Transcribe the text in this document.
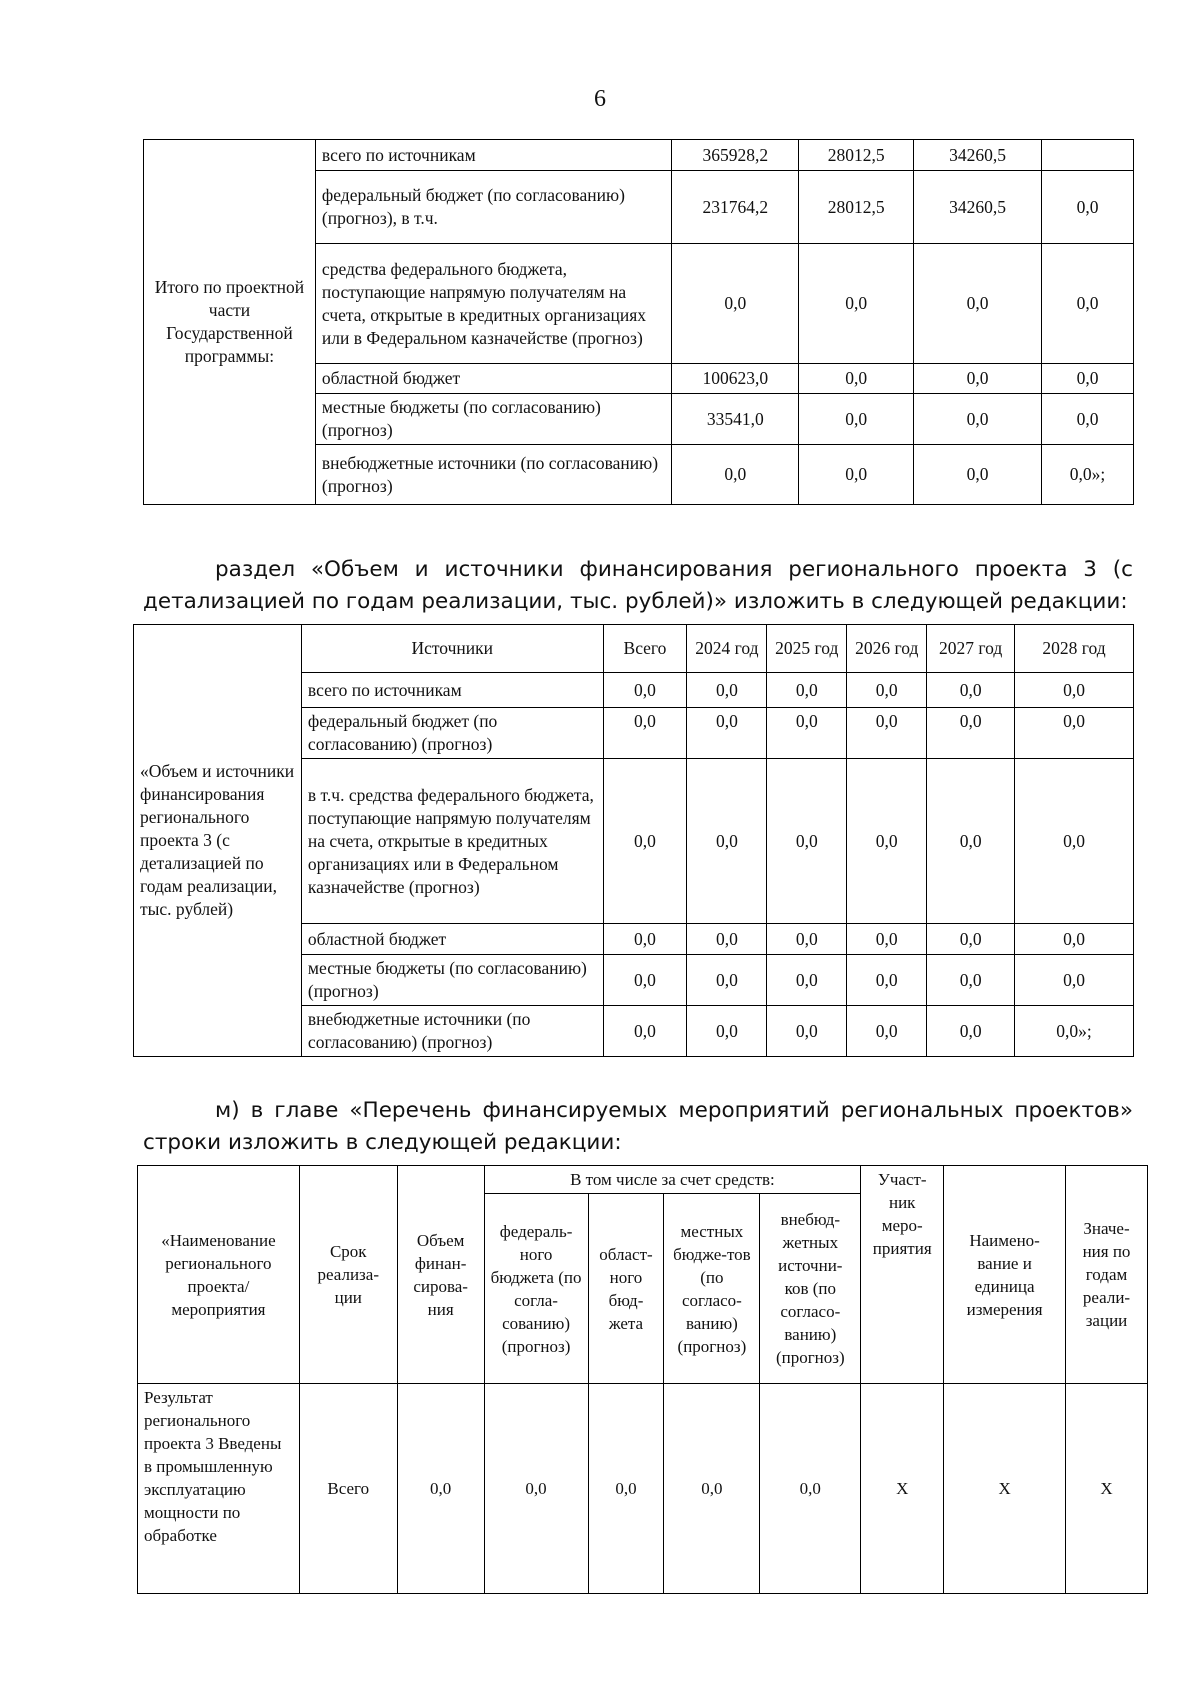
6
Итого по проектной части Государственной программы:	всего по источникам	365928,2	28012,5	34260,5	
	федеральный бюджет (по согласованию) (прогноз), в т.ч.	231764,2	28012,5	34260,5	0,0
	средства федерального бюджета, поступающие напрямую получателям на счета, открытые в кредитных организациях или в Федеральном казначействе (прогноз)	0,0	0,0	0,0	0,0
	областной бюджет	100623,0	0,0	0,0	0,0
	местные бюджеты (по согласованию) (прогноз)	33541,0	0,0	0,0	0,0
	внебюджетные источники (по согласованию) (прогноз)	0,0	0,0	0,0	0,0»;

раздел «Объем и источники финансирования регионального проекта 3 (с детализацией по годам реализации, тыс. рублей)» изложить в следующей редакции:

«Объем и источники финансирования регионального проекта 3 (с детализацией по годам реализации, тыс. рублей)	Источники	Всего	2024 год	2025 год	2026 год	2027 год	2028 год
	всего по источникам	0,0	0,0	0,0	0,0	0,0	0,0
	федеральный бюджет (по согласованию) (прогноз)	0,0	0,0	0,0	0,0	0,0	0,0
	в т.ч. средства федерального бюджета, поступающие напрямую получателям на счета, открытые в кредитных организациях или в Федеральном казначействе (прогноз)	0,0	0,0	0,0	0,0	0,0	0,0
	областной бюджет	0,0	0,0	0,0	0,0	0,0	0,0
	местные бюджеты (по согласованию) (прогноз)	0,0	0,0	0,0	0,0	0,0	0,0
	внебюджетные источники (по согласованию) (прогноз)	0,0	0,0	0,0	0,0	0,0	0,0»;

м) в главе «Перечень финансируемых мероприятий региональных проектов» строки изложить в следующей редакции:

«Наименование регионального проекта/ мероприятия	Срок реализа-ции	Объем финан-сирова-ния	В том числе за счет средств:				Участ-ник меро-приятия	Наимено-вание и единица измерения	Значе-ния по годам реали-зации
			федераль-ного бюджета (по согла-сованию) (прогноз)	област-ного бюд-жета	местных бюдже-тов (по согласо-ванию) (прогноз)	внебюд-жетных источни-ков (по согласо-ванию) (прогноз)			
Результат регионального проекта 3 Введены в промышленную эксплуатацию мощности по обработке	Всего	0,0	0,0	0,0	0,0	0,0	Х	Х	Х
